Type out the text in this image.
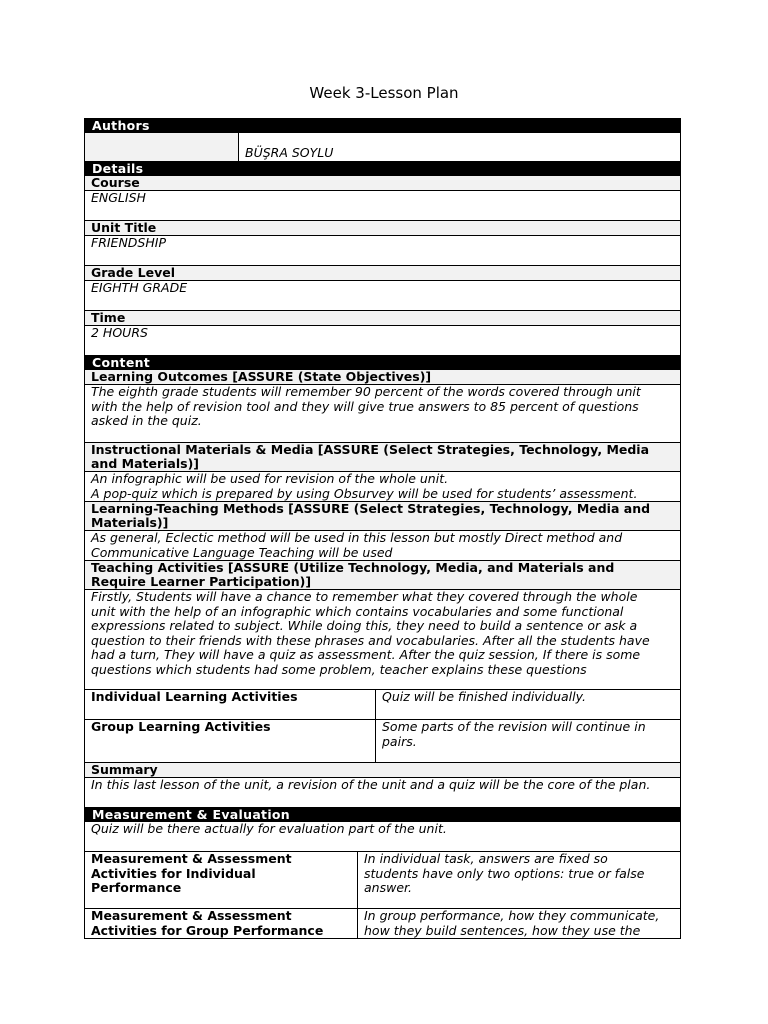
Week 3-Lesson Plan
Authors
BÜŞRA SOYLU
Details
Course
ENGLISH
Unit Title
FRIENDSHIP
Grade Level
EIGHTH GRADE
Time
2 HOURS
Content
Learning Outcomes [ASSURE (State Objectives)]
The eighth grade students will remember 90 percent of the words covered through unit
with the help of revision tool and they will give true answers to 85 percent of questions
asked in the quiz.
Instructional Materials & Media [ASSURE (Select Strategies, Technology, Media
and Materials)]
An infographic will be used for revision of the whole unit.
A pop-quiz which is prepared by using Obsurvey will be used for students’ assessment.
Learning-Teaching Methods [ASSURE (Select Strategies, Technology, Media and
Materials)]
As general, Eclectic method will be used in this lesson but mostly Direct method and
Communicative Language Teaching will be used
Teaching Activities [ASSURE (Utilize Technology, Media, and Materials and
Require Learner Participation)]
Firstly, Students will have a chance to remember what they covered through the whole
unit with the help of an infographic which contains vocabularies and some functional
expressions related to subject. While doing this, they need to build a sentence or ask a
question to their friends with these phrases and vocabularies. After all the students have
had a turn, They will have a quiz as assessment. After the quiz session, If there is some
questions which students had some problem, teacher explains these questions
Individual Learning Activities	Quiz will be finished individually.
Group Learning Activities	Some parts of the revision will continue in
pairs.
Summary
In this last lesson of the unit, a revision of the unit and a quiz will be the core of the plan.
Measurement & Evaluation
Quiz will be there actually for evaluation part of the unit.
Measurement & Assessment
Activities for Individual
Performance
In individual task, answers are fixed so
students have only two options: true or false
answer.
Measurement & Assessment
Activities for Group Performance
In group performance, how they communicate,
how they build sentences, how they use the
